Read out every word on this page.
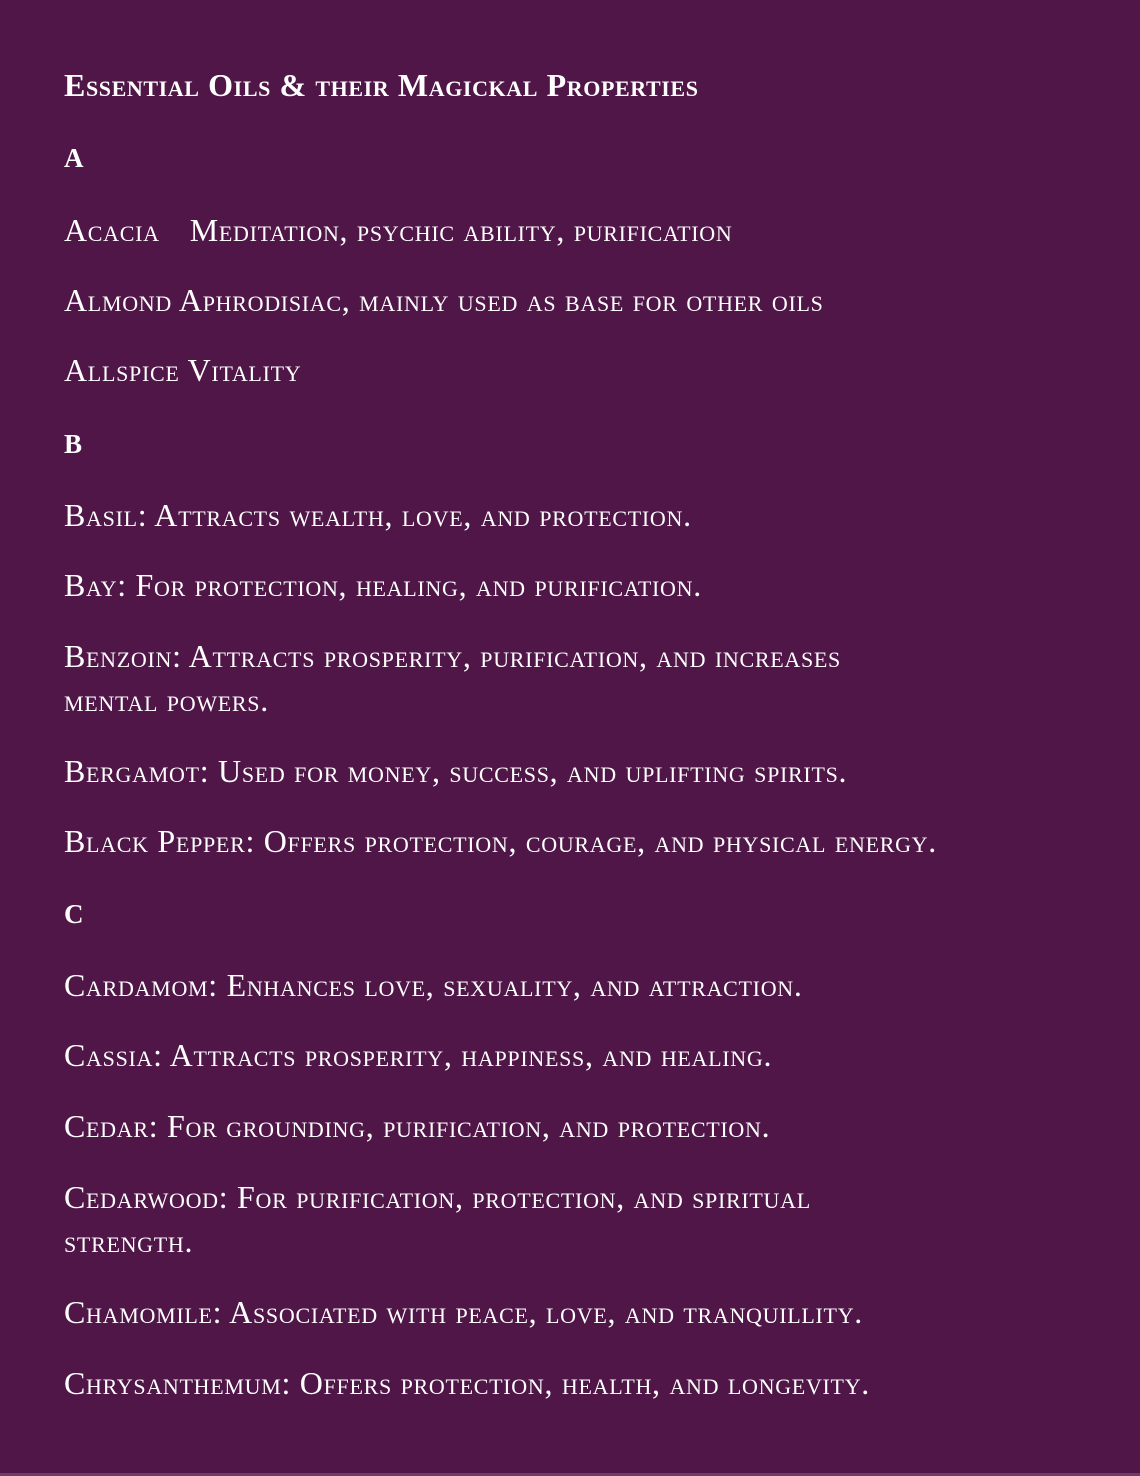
Essential Oils & their Magickal Properties
A

Acacia Meditation, psychic ability, purification

Almond Aphrodisiac, mainly used as base for other oils

Allspice Vitality

B

Basil: Attracts wealth, love, and protection.

Bay: For protection, healing, and purification.

Benzoin: Attracts prosperity, purification, and increases
mental powers.

Bergamot: Used for money, success, and uplifting spirits.

Black Pepper: Offers protection, courage, and physical energy.

C

Cardamom: Enhances love, sexuality, and attraction.

Cassia: Attracts prosperity, happiness, and healing.

Cedar: For grounding, purification, and protection.

Cedarwood: For purification, protection, and spiritual
strength.

Chamomile: Associated with peace, love, and tranquillity.

Chrysanthemum: Offers protection, health, and longevity.
